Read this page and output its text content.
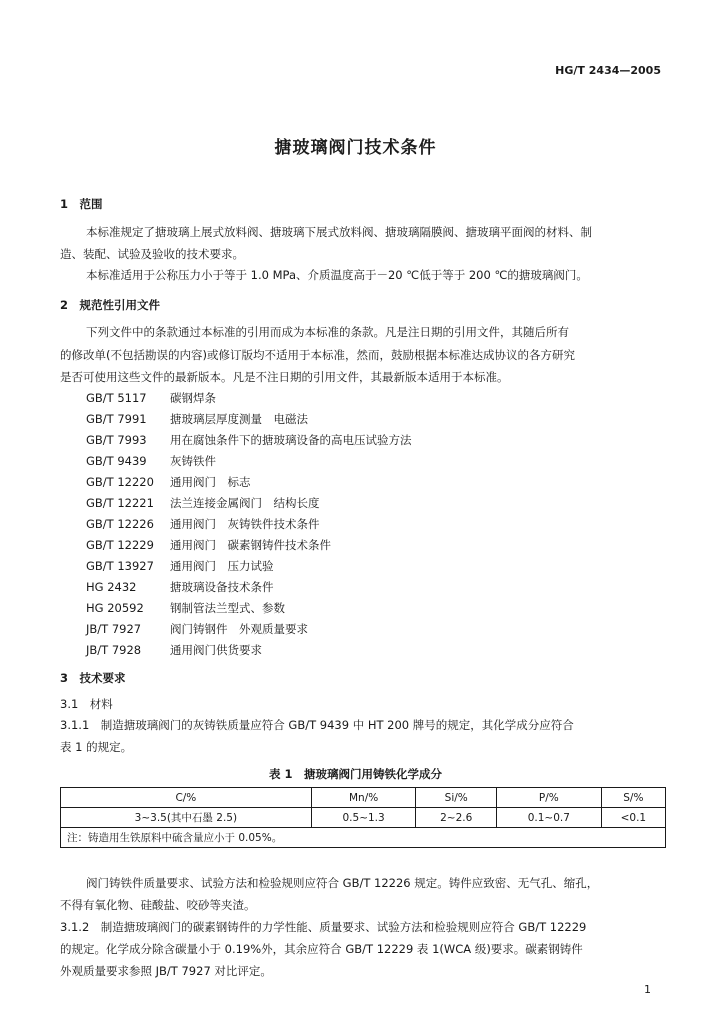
HG/T 2434—2005
搪玻璃阀门技术条件
1　范围
本标准规定了搪玻璃上展式放料阀、搪玻璃下展式放料阀、搪玻璃隔膜阀、搪玻璃平面阀的材料、制
造、装配、试验及验收的技术要求。
本标准适用于公称压力小于等于 1.0 MPa、介质温度高于－20 ℃低于等于 200 ℃的搪玻璃阀门。
2　规范性引用文件
下列文件中的条款通过本标准的引用而成为本标准的条款。凡是注日期的引用文件，其随后所有
的修改单(不包括勘误的内容)或修订版均不适用于本标准，然而，鼓励根据本标准达成协议的各方研究
是否可使用这些文件的最新版本。凡是不注日期的引用文件，其最新版本适用于本标准。
GB/T 5117 碳钢焊条
GB/T 7991 搪玻璃层厚度测量　电磁法
GB/T 7993 用在腐蚀条件下的搪玻璃设备的高电压试验方法
GB/T 9439 灰铸铁件
GB/T 12220 通用阀门　标志
GB/T 12221 法兰连接金属阀门　结构长度
GB/T 12226 通用阀门　灰铸铁件技术条件
GB/T 12229 通用阀门　碳素钢铸件技术条件
GB/T 13927 通用阀门　压力试验
HG 2432	搪玻璃设备技术条件
HG 20592 钢制管法兰型式、参数
JB/T 7927	阀门铸钢件　外观质量要求
JB/T 7928	通用阀门供货要求
3　技术要求
3.1　材料
3.1.1　制造搪玻璃阀门的灰铸铁质量应符合 GB/T 9439 中 HT 200 牌号的规定，其化学成分应符合
表 1 的规定。
表 1　搪玻璃阀门用铸铁化学成分
C/%	Mn/%	Si/%	P/%	S/%
3~3.5(其中石墨 2.5)	0.5~1.3	2~2.6	0.1~0.7	<0.1
注：铸造用生铁原料中硫含量应小于 0.05%。				
阀门铸铁件质量要求、试验方法和检验规则应符合 GB/T 12226 规定。铸件应致密、无气孔、缩孔，
不得有氧化物、硅酸盐、咬砂等夹渣。
3.1.2　制造搪玻璃阀门的碳素钢铸件的力学性能、质量要求、试验方法和检验规则应符合 GB/T 12229
的规定。化学成分除含碳量小于 0.19%外，其余应符合 GB/T 12229 表 1(WCA 级)要求。碳素钢铸件
外观质量要求参照 JB/T 7927 对比评定。
1
